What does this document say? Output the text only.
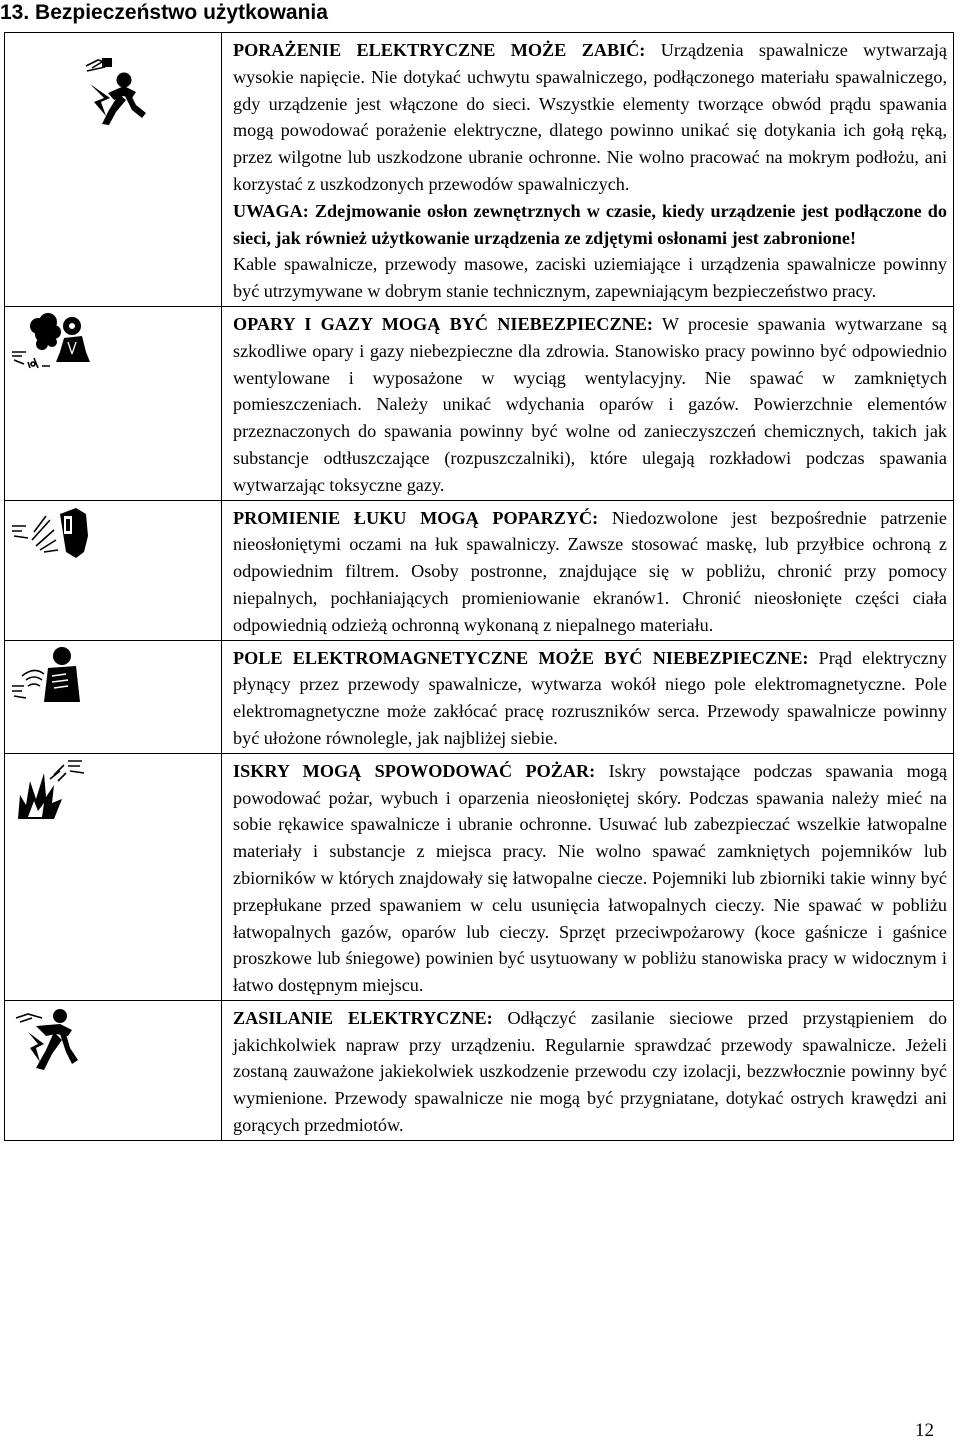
13. Bezpieczeństwo użytkowania

PORAŻENIE ELEKTRYCZNE MOŻE ZABIĆ: Urządzenia spawalnicze wytwarzają wysokie napięcie. Nie dotykać uchwytu spawalniczego, podłączonego materiału spawalniczego, gdy urządzenie jest włączone do sieci. Wszystkie elementy tworzące obwód prądu spawania mogą powodować porażenie elektryczne, dlatego powinno unikać się dotykania ich gołą ręką, przez wilgotne lub uszkodzone ubranie ochronne. Nie wolno pracować na mokrym podłożu, ani korzystać z uszkodzonych przewodów spawalniczych.

UWAGA: Zdejmowanie osłon zewnętrznych w czasie, kiedy urządzenie jest podłączone do sieci, jak również użytkowanie urządzenia ze zdjętymi osłonami jest zabronione!

Kable spawalnicze, przewody masowe, zaciski uziemiające i urządzenia spawalnicze powinny być utrzymywane w dobrym stanie technicznym, zapewniającym bezpieczeństwo pracy.

OPARY I GAZY MOGĄ BYĆ NIEBEZPIECZNE: W procesie spawania wytwarzane są szkodliwe opary i gazy niebezpieczne dla zdrowia. Stanowisko pracy powinno być odpowiednio wentylowane i wyposażone w wyciąg wentylacyjny. Nie spawać w zamkniętych pomieszczeniach. Należy unikać wdychania oparów i gazów. Powierzchnie elementów przeznaczonych do spawania powinny być wolne od zanieczyszczeń chemicznych, takich jak substancje odtłuszczające (rozpuszczalniki), które ulegają rozkładowi podczas spawania wytwarzając toksyczne gazy.

PROMIENIE ŁUKU MOGĄ POPARZYĆ: Niedozwolone jest bezpośrednie patrzenie nieosłoniętymi oczami na łuk spawalniczy. Zawsze stosować maskę, lub przyłbice ochroną z odpowiednim filtrem. Osoby postronne, znajdujące się w pobliżu, chronić przy pomocy niepalnych, pochłaniających promieniowanie ekranów1. Chronić nieosłonięte części ciała odpowiednią odzieżą ochronną wykonaną z niepalnego materiału.

POLE ELEKTROMAGNETYCZNE MOŻE BYĆ NIEBEZPIECZNE: Prąd elektryczny płynący przez przewody spawalnicze, wytwarza wokół niego pole elektromagnetyczne. Pole elektromagnetyczne może zakłócać pracę rozruszników serca. Przewody spawalnicze powinny być ułożone równolegle, jak najbliżej siebie.

ISKRY MOGĄ SPOWODOWAĆ POŻAR: Iskry powstające podczas spawania mogą powodować pożar, wybuch i oparzenia nieosłoniętej skóry. Podczas spawania należy mieć na sobie rękawice spawalnicze i ubranie ochronne. Usuwać lub zabezpieczać wszelkie łatwopalne materiały i substancje z miejsca pracy. Nie wolno spawać zamkniętych pojemników lub zbiorników w których znajdowały się łatwopalne ciecze. Pojemniki lub zbiorniki takie winny być przepłukane przed spawaniem w celu usunięcia łatwopalnych cieczy. Nie spawać w pobliżu łatwopalnych gazów, oparów lub cieczy. Sprzęt przeciwpożarowy (koce gaśnicze i gaśnice proszkowe lub śniegowe) powinien być usytuowany w pobliżu stanowiska pracy w widocznym i łatwo dostępnym miejscu.

ZASILANIE ELEKTRYCZNE: Odłączyć zasilanie sieciowe przed przystąpieniem do jakichkolwiek napraw przy urządzeniu. Regularnie sprawdzać przewody spawalnicze. Jeżeli zostaną zauważone jakiekolwiek uszkodzenie przewodu czy izolacji, bezzwłocznie powinny być wymienione. Przewody spawalnicze nie mogą być przygniatane, dotykać ostrych krawędzi ani gorących przedmiotów.

12
